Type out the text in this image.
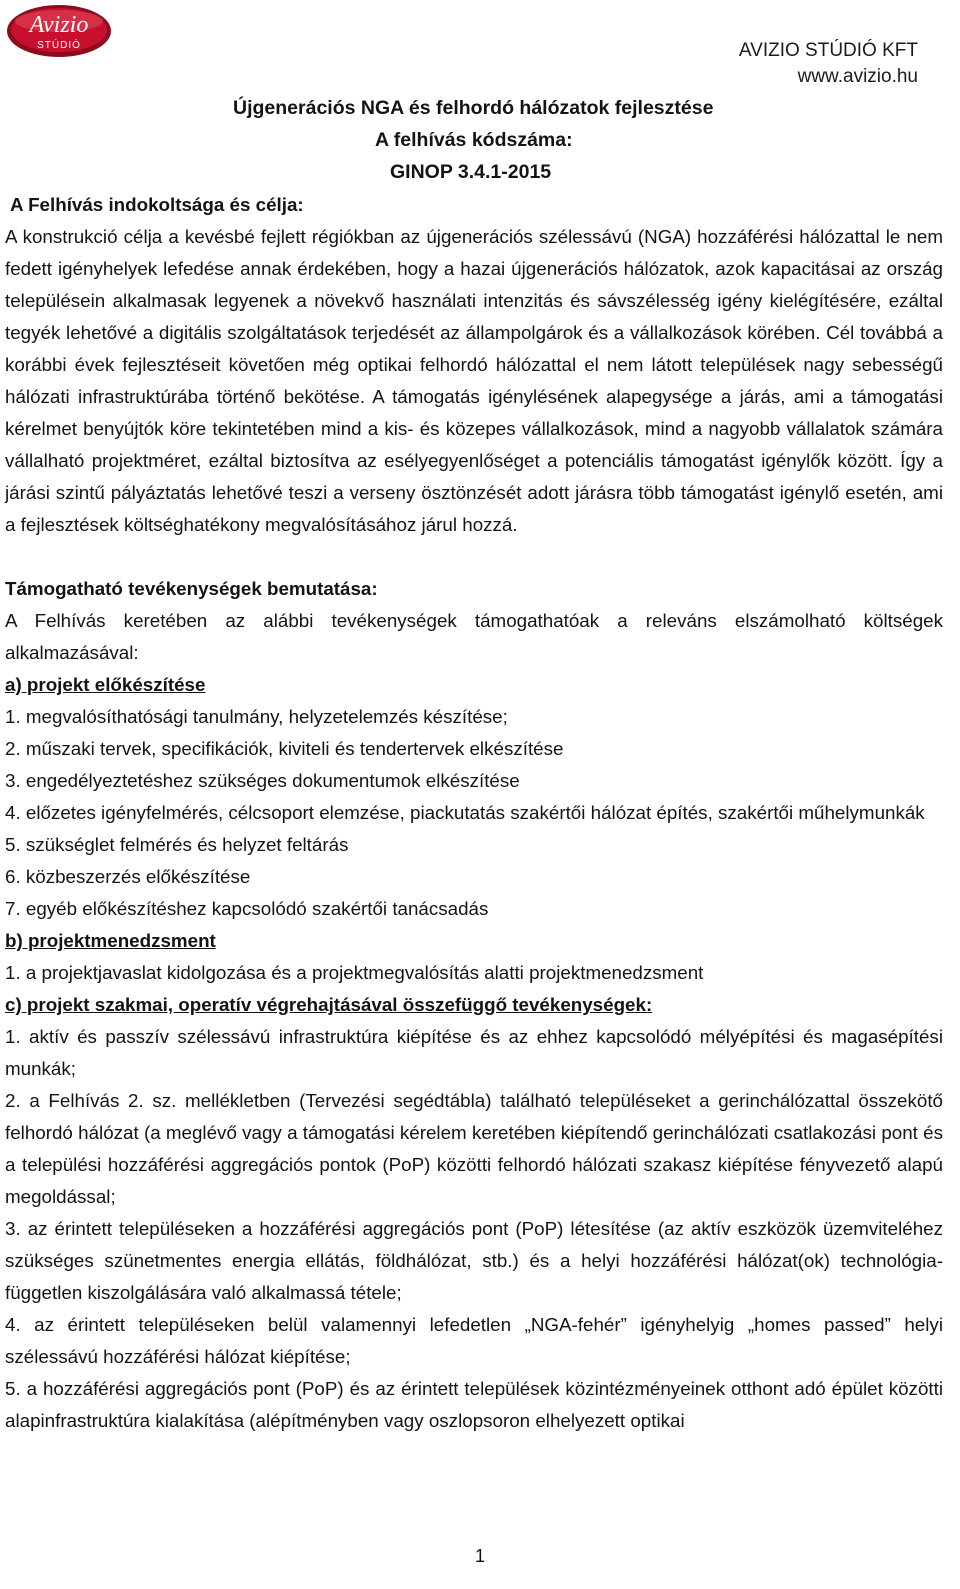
Avizio
STÚDIÓ	AVIZIO STÚDIÓ KFT
www.avizio.hu
Újgenerációs NGA és felhordó hálózatok fejlesztése
A felhívás kódszáma:
GINOP 3.4.1-2015

A Felhívás indokoltsága és célja:

A konstrukció célja a kevésbé fejlett régiókban az újgenerációs szélessávú (NGA) hozzáférési hálózattal le nem fedett igényhelyek lefedése annak érdekében, hogy a hazai újgenerációs hálózatok, azok kapacitásai az ország településein alkalmasak legyenek a növekvő használati intenzitás és sávszélesség igény kielégítésére, ezáltal tegyék lehetővé a digitális szolgáltatások terjedését az állampolgárok és a vállalkozások körében. Cél továbbá a korábbi évek fejlesztéseit követően még optikai felhordó hálózattal el nem látott települések nagy sebességű hálózati infrastruktúrába történő bekötése. A támogatás igénylésének alapegysége a járás, ami a támogatási kérelmet benyújtók köre tekintetében mind a kis- és közepes vállalkozások, mind a nagyobb vállalatok számára vállalható projektméret, ezáltal biztosítva az esélyegyenlőséget a potenciális támogatást igénylők között. Így a járási szintű pályáztatás lehetővé teszi a verseny ösztönzését adott járásra több támogatást igénylő esetén, ami a fejlesztések költséghatékony megvalósításához járul hozzá.

Támogatható tevékenységek bemutatása:

A Felhívás keretében az alábbi tevékenységek támogathatóak a releváns elszámolható költségek alkalmazásával:

a) projekt előkészítése

1. megvalósíthatósági tanulmány, helyzetelemzés készítése;

2. műszaki tervek, specifikációk, kiviteli és tendertervek elkészítése

3. engedélyeztetéshez szükséges dokumentumok elkészítése

4. előzetes igényfelmérés, célcsoport elemzése, piackutatás szakértői hálózat építés, szakértői műhelymunkák

5. szükséglet felmérés és helyzet feltárás

6. közbeszerzés előkészítése

7. egyéb előkészítéshez kapcsolódó szakértői tanácsadás

b) projektmenedzsment

1. a projektjavaslat kidolgozása és a projektmegvalósítás alatti projektmenedzsment

c) projekt szakmai, operatív végrehajtásával összefüggő tevékenységek:

1. aktív és passzív szélessávú infrastruktúra kiépítése és az ehhez kapcsolódó mélyépítési és magasépítési munkák;

2. a Felhívás 2. sz. mellékletben (Tervezési segédtábla) található településeket a gerinchálózattal összekötő felhordó hálózat (a meglévő vagy a támogatási kérelem keretében kiépítendő gerinchálózati csatlakozási pont és a települési hozzáférési aggregációs pontok (PoP) közötti felhordó hálózati szakasz kiépítése fényvezető alapú megoldással;

3. az érintett településeken a hozzáférési aggregációs pont (PoP) létesítése (az aktív eszközök üzemviteléhez szükséges szünetmentes energia ellátás, földhálózat, stb.) és a helyi hozzáférési hálózat(ok) technológia-független kiszolgálására való alkalmassá tétele;

4. az érintett településeken belül valamennyi lefedetlen „NGA-fehér” igényhelyig „homes passed” helyi szélessávú hozzáférési hálózat kiépítése;

5. a hozzáférési aggregációs pont (PoP) és az érintett települések közintézményeinek otthont adó épület közötti alapinfrastruktúra kialakítása (alépítményben vagy oszlopsoron elhelyezett optikai

1
